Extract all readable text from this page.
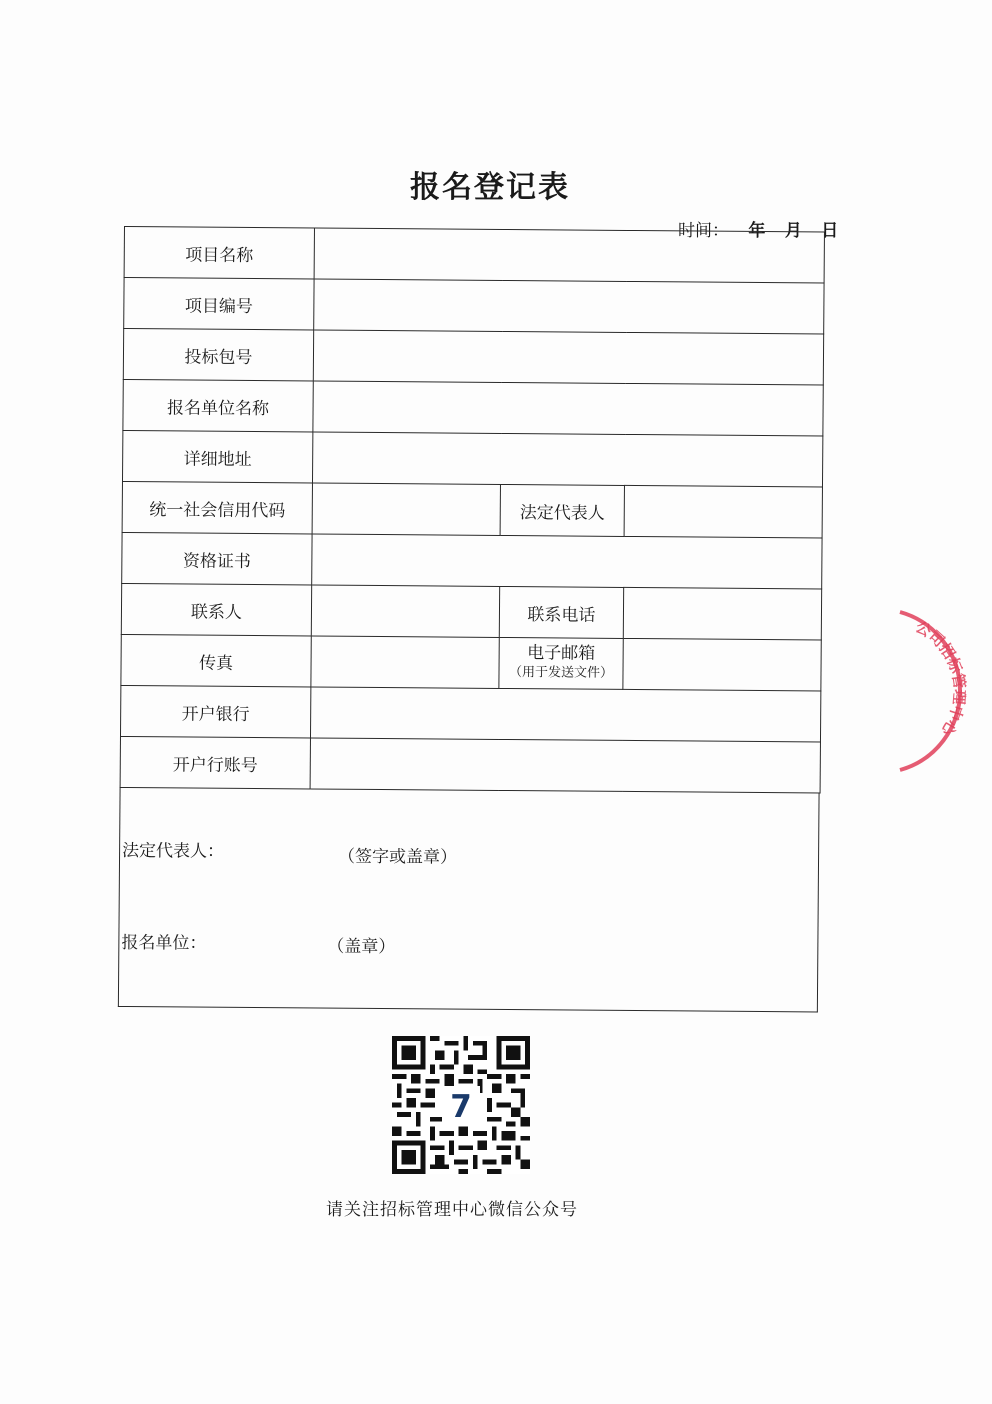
报名登记表
时间： 年 月 日
项目名称			
项目编号			
投标包号			
报名单位名称			
详细地址			
统一社会信用代码		法定代表人	
资格证书			
联系人		联系电话	
传真		电子邮箱
（用于发送文件）	

开户银行			
开户行账号			
法定代表人：	（签字或盖章）
报名单位：	（盖章）
7
请关注招标管理中心微信公众号
公司招标管理中心
